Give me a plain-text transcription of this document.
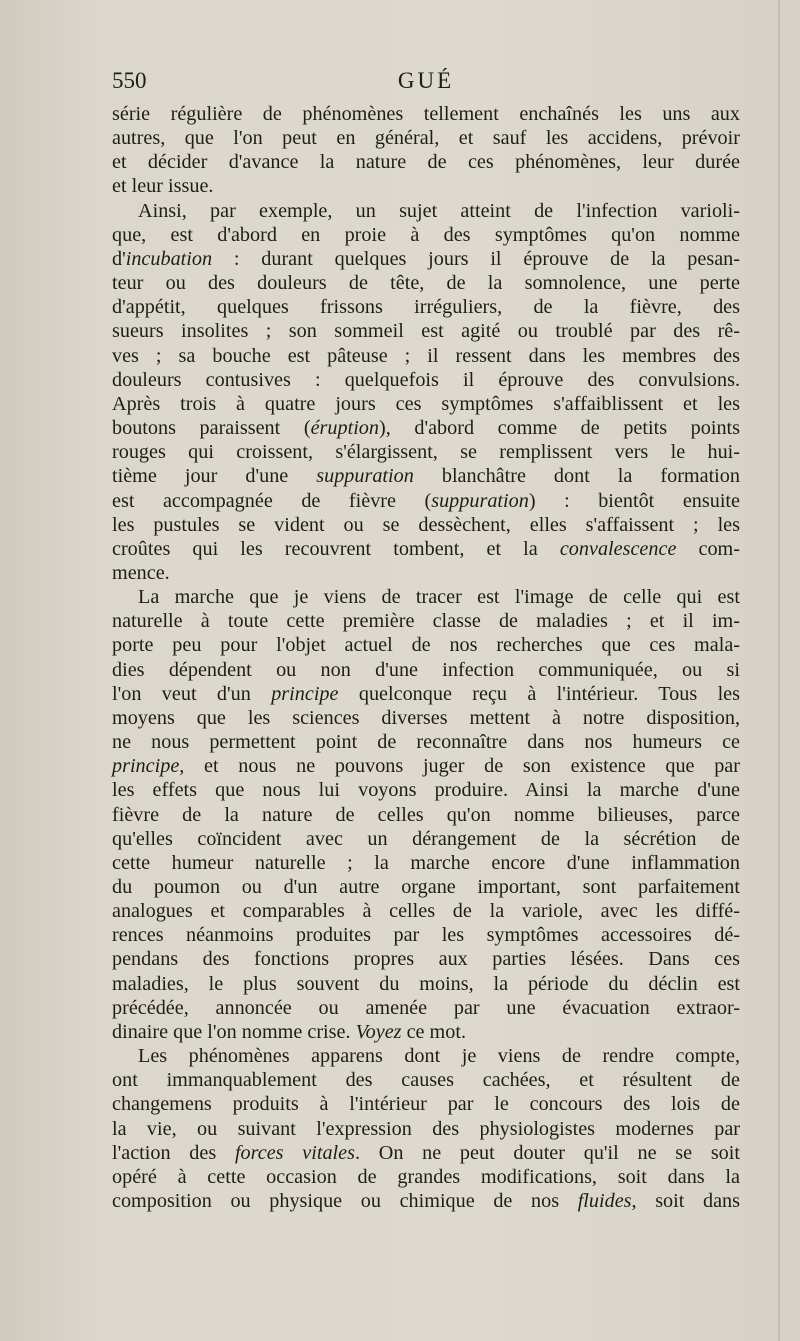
550	GUÉ
série régulière de phénomènes tellement enchaînés les uns aux
autres, que l'on peut en général, et sauf les accidens, prévoir
et décider d'avance la nature de ces phénomènes, leur durée
et leur issue.
Ainsi, par exemple, un sujet atteint de l'infection varioli-
que, est d'abord en proie à des symptômes qu'on nomme
d'incubation : durant quelques jours il éprouve de la pesan-
teur ou des douleurs de tête, de la somnolence, une perte
d'appétit, quelques frissons irréguliers, de la fièvre, des
sueurs insolites ; son sommeil est agité ou troublé par des rê-
ves ; sa bouche est pâteuse ; il ressent dans les membres des
douleurs contusives : quelquefois il éprouve des convulsions.
Après trois à quatre jours ces symptômes s'affaiblissent et les
boutons paraissent (éruption), d'abord comme de petits points
rouges qui croissent, s'élargissent, se remplissent vers le hui-
tième jour d'une suppuration blanchâtre dont la formation
est accompagnée de fièvre (suppuration) : bientôt ensuite
les pustules se vident ou se dessèchent, elles s'affaissent ; les
croûtes qui les recouvrent tombent, et la convalescence com-
mence.
La marche que je viens de tracer est l'image de celle qui est
naturelle à toute cette première classe de maladies ; et il im-
porte peu pour l'objet actuel de nos recherches que ces mala-
dies dépendent ou non d'une infection communiquée, ou si
l'on veut d'un principe quelconque reçu à l'intérieur. Tous les
moyens que les sciences diverses mettent à notre disposition,
ne nous permettent point de reconnaître dans nos humeurs ce
principe, et nous ne pouvons juger de son existence que par
les effets que nous lui voyons produire. Ainsi la marche d'une
fièvre de la nature de celles qu'on nomme bilieuses, parce
qu'elles coïncident avec un dérangement de la sécrétion de
cette humeur naturelle ; la marche encore d'une inflammation
du poumon ou d'un autre organe important, sont parfaitement
analogues et comparables à celles de la variole, avec les diffé-
rences néanmoins produites par les symptômes accessoires dé-
pendans des fonctions propres aux parties lésées. Dans ces
maladies, le plus souvent du moins, la période du déclin est
précédée, annoncée ou amenée par une évacuation extraor-
dinaire que l'on nomme crise. Voyez ce mot.
Les phénomènes apparens dont je viens de rendre compte,
ont immanquablement des causes cachées, et résultent de
changemens produits à l'intérieur par le concours des lois de
la vie, ou suivant l'expression des physiologistes modernes par
l'action des forces vitales. On ne peut douter qu'il ne se soit
opéré à cette occasion de grandes modifications, soit dans la
composition ou physique ou chimique de nos fluides, soit dans
